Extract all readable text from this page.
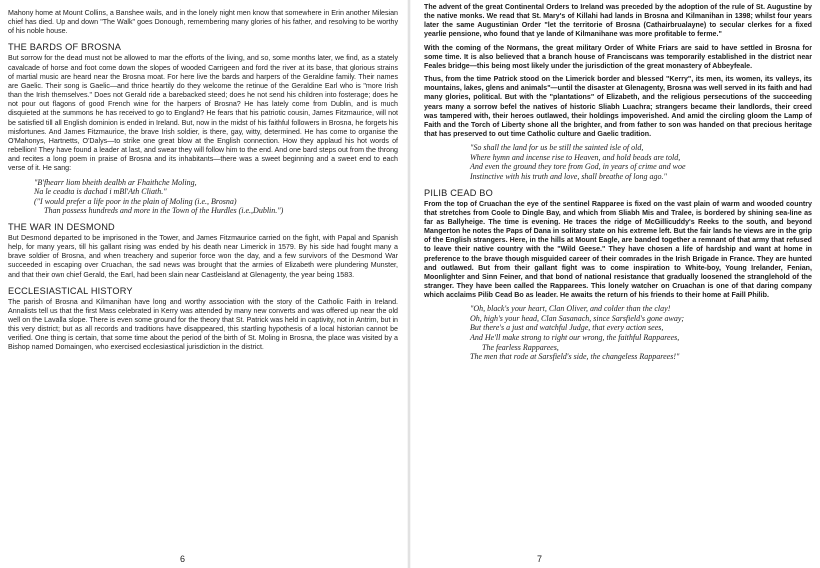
Mahony home at Mount Collins, a Banshee wails, and in the lonely night men know that somewhere in Erin another Milesian chief has died. Up and down "The Walk" goes Donough, remembering many glories of his father, and resolving to be worthy of his noble house.

THE BARDS OF BROSNA

But sorrow for the dead must not be allowed to mar the efforts of the living, and so, some months later, we find, as a stately cavalcade of horse and foot come down the slopes of wooded Carrigeen and ford the river at its base, that glorious strains of martial music are heard near the Brosna moat. For here live the bards and harpers of the Geraldine family. Their names are Gaelic. Their song is Gaelic—and thrice heartily do they welcome the retinue of the Geraldine Earl who is "more Irish than the Irish themselves." Does not Gerald ride a barebacked steed; does he not send his children into fosterage; does he not pour out flagons of good French wine for the harpers of Brosna? He has lately come from Dublin, and is much disquieted at the summons he has received to go to England? He fears that his patriotic cousin, James Fitzmaurice, will not be satisfied till all English dominion is ended in Ireland. But, now in the midst of his faithful followers in Brosna, he forgets his misfortunes. And James Fitzmaurice, the brave Irish soldier, is there, gay, witty, determined. He has come to organise the O'Mahonys, Hartnetts, O'Dalys—to strike one great blow at the English connection. How they applaud his hot words of rebellion! They have found a leader at last, and swear they will follow him to the end. And one bard steps out from the throng and recites a long poem in praise of Brosna and its inhabitants—there was a sweet beginning and a sweet end to each verse of it. He sang:

"B'fhearr liom bheith dealbh ar Fhaithche Moling,
Na le ceadta is dachad i mBl'Ath Cliath."
("I would prefer a life poor in the plain of Moling (i.e., Brosna)
Than possess hundreds and more in the Town of the Hurdles (i.e.,Dublin.")
THE WAR IN DESMOND

But Desmond departed to be imprisoned in the Tower, and James Fitzmaurice carried on the fight, with Papal and Spanish help, for many years, till his gallant rising was ended by his death near Limerick in 1579. By his side had fought many a brave soldier of Brosna, and when treachery and superior force won the day, and a few survivors of the Desmond War succeeded in escaping over Cruachan, the sad news was brought that the armies of Elizabeth were plundering Munster, and that their own chief Gerald, the Earl, had been slain near Castleisland at Glenagenty, the year being 1583.

ECCLESIASTICAL HISTORY

The parish of Brosna and Kilmanihan have long and worthy association with the story of the Catholic Faith in Ireland. Annalists tell us that the first Mass celebrated in Kerry was attended by many new converts and was offered up near the old well on the Lavalla slope. There is even some ground for the theory that St. Patrick was held in captivity, not in Antrim, but in this very district; but as all records and traditions have disappeared, this startling hypothesis of a local historian cannot be verified. One thing is certain, that some time about the period of the birth of St. Moling in Brosna, the place was visited by a Bishop named Domaingen, who exercised ecclesiastical jurisdiction in the district.

6

The advent of the great Continental Orders to Ireland was preceded by the adoption of the rule of St. Augustine by the native monks. We read that St. Mary's of Killahi had lands in Brosna and Kilmanihan in 1398; whilst four years later the same Augustinian Order "let the territorie of Brosna (Cathairbrualayne) to secular clerkes for a fixed yearlie pensione, who found that ye lande of Kilmanihane was more profitable to ferme."

With the coming of the Normans, the great military Order of White Friars are said to have settled in Brosna for some time. It is also believed that a branch house of Franciscans was temporarily established in the district near Feales bridge—this being most likely under the jurisdiction of the great monastery of Abbeyfeale.

Thus, from the time Patrick stood on the Limerick border and blessed "Kerry", its men, its women, its valleys, its mountains, lakes, glens and animals"—until the disaster at Glenagenty, Brosna was well served in its faith and had many glories, political. But with the "plantations" of Elizabeth, and the religious persecutions of the succeeding years many a sorrow befel the natives of historic Sliabh Luachra; strangers became their landlords, their creed was tampered with, their heroes outlawed, their holdings impoverished. And amid the circling gloom the Lamp of Faith and the Torch of Liberty shone all the brighter, and from father to son was handed on that precious heritage that has preserved to out time Catholic culture and Gaelic tradition.

"So shall the land for us be still the sainted isle of old,
Where hymn and incense rise to Heaven, and hold beads are told,
And even the ground they tore from God, in years of crime and woe
Instinctive with his truth and love, shall breathe of long ago."
PILIB CEAD BO

From the top of Cruachan the eye of the sentinel Rapparee is fixed on the vast plain of warm and wooded country that stretches from Coole to Dingle Bay, and which from Sliabh Mis and Tralee, is bordered by shining sea-line as far as Ballyheige. The time is evening. He traces the ridge of McGillicuddy's Reeks to the south, and beyond Mangerton he notes the Paps of Dana in solitary state on his extreme left. But the fair lands he views are in the grip of the English strangers. Here, in the hills at Mount Eagle, are banded together a remnant of that army that refused to leave their native country with the "Wild Geese." They have chosen a life of hardship and want at home in preference to the brave though misguided career of their comrades in the Irish Brigade in France. They are hunted and outlawed. But from their gallant fight was to come inspiration to White-boy, Young Irelander, Fenian, Moonlighter and Sinn Feiner, and that bond of national resistance that gradually loosened the stranglehold of the stranger. They have been called the Rapparees. This lonely watcher on Cruachan is one of that daring company which acclaims Pilib Cead Bo as leader. He awaits the return of his friends to their home at Faill Philib.

"Oh, black's your heart, Clan Oliver, and colder than the clay!
Oh, high's your head, Clan Sasanach, since Sarsfield's gone away;
But there's a just and watchful Judge, that every action sees,
And He'll make strong to right our wrong, the faithful Rapparees,
The fearless Rapparees,
The men that rode at Sarsfield's side, the changeless Rapparees!"
7
